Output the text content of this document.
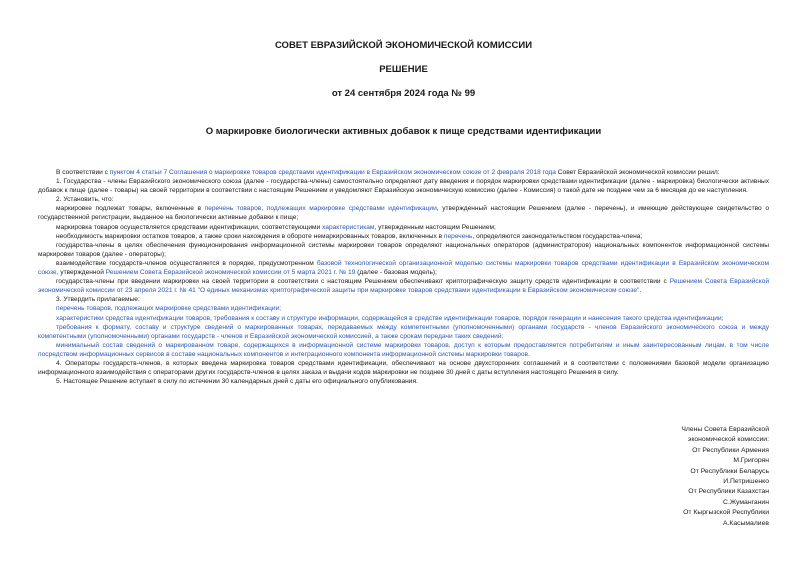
СОВЕТ ЕВРАЗИЙСКОЙ ЭКОНОМИЧЕСКОЙ КОМИССИИ
РЕШЕНИЕ
от 24 сентября 2024 года № 99
О маркировке биологически активных добавок к пище средствами идентификации

В соответствии с пунктом 4 статьи 7 Соглашения о маркировке товаров средствами идентификации в Евразийском экономическом союзе от 2 февраля 2018 года Совет Евразийской экономической комиссии решил:

1. Государства - члены Евразийского экономического союза (далее - государства-члены) самостоятельно определяют дату введения и порядок маркировки средствами идентификации (далее - маркировка) биологически активных добавок к пище (далее - товары) на своей территории в соответствии с настоящим Решением и уведомляют Евразийскую экономическую комиссию (далее - Комиссия) о такой дате не позднее чем за 6 месяцев до ее наступления.

2. Установить, что:

маркировке подлежат товары, включенные в перечень товаров, подлежащих маркировке средствами идентификации, утвержденный настоящим Решением (далее - перечень), и имеющие действующее свидетельство о государственной регистрации, выданное на биологически активные добавки к пище;

маркировка товаров осуществляется средствами идентификации, соответствующими характеристикам, утвержденным настоящим Решением;

необходимость маркировки остатков товаров, а также сроки нахождения в обороте немаркированных товаров, включенных в перечень, определяются законодательством государства-члена;

государства-члены в целях обеспечения функционирования информационной системы маркировки товаров определяют национальных операторов (администраторов) национальных компонентов информационной системы маркировки товаров (далее - операторы);

взаимодействие государств-членов осуществляется в порядке, предусмотренном базовой технологической организационной моделью системы маркировки товаров средствами идентификации в Евразийском экономическом союзе, утвержденной Решением Совета Евразийской экономической комиссии от 5 марта 2021 г. № 19 (далее - базовая модель);

государства-члены при введении маркировки на своей территории в соответствии с настоящим Решением обеспечивают криптографическую защиту средств идентификации в соответствии с Решением Совета Евразийской экономической комиссии от 23 апреля 2021 г. № 41 "О единых механизмах криптографической защиты при маркировке товаров средствами идентификации в Евразийском экономическом союзе".

3. Утвердить прилагаемые:

перечень товаров, подлежащих маркировке средствами идентификации;

характеристики средства идентификации товаров, требования к составу и структуре информации, содержащейся в средстве идентификации товаров, порядок генерации и нанесения такого средства идентификации;

требования к формату, составу и структуре сведений о маркированных товарах, передаваемых между компетентными (уполномоченными) органами государств - членов Евразийского экономического союза и между компетентными (уполномоченными) органами государств - членов и Евразийской экономической комиссией, а также срокам передачи таких сведений;

минимальный состав сведений о маркированном товаре, содержащихся в информационной системе маркировки товаров, доступ к которым предоставляется потребителям и иным заинтересованным лицам, в том числе посредством информационных сервисов в составе национальных компонентов и интеграционного компонента информационной системы маркировки товаров.

4. Операторы государств-членов, в которых введена маркировка товаров средствами идентификации, обеспечивают на основе двухсторонних соглашений и в соответствии с положениями базовой модели организацию информационного взаимодействия с операторами других государств-членов в целях заказа и выдачи кодов маркировки не позднее 30 дней с даты вступления настоящего Решения в силу.

5. Настоящее Решение вступает в силу по истечении 30 календарных дней с даты его официального опубликования.

Члены Совета Евразийской
экономической комиссии:
От Республики Армения
М.Григорян
От Республики Беларусь
И.Петришенко
От Республики Казахстан
С.Жуманганин
От Кыргызской Республики
А.Касымалиев
